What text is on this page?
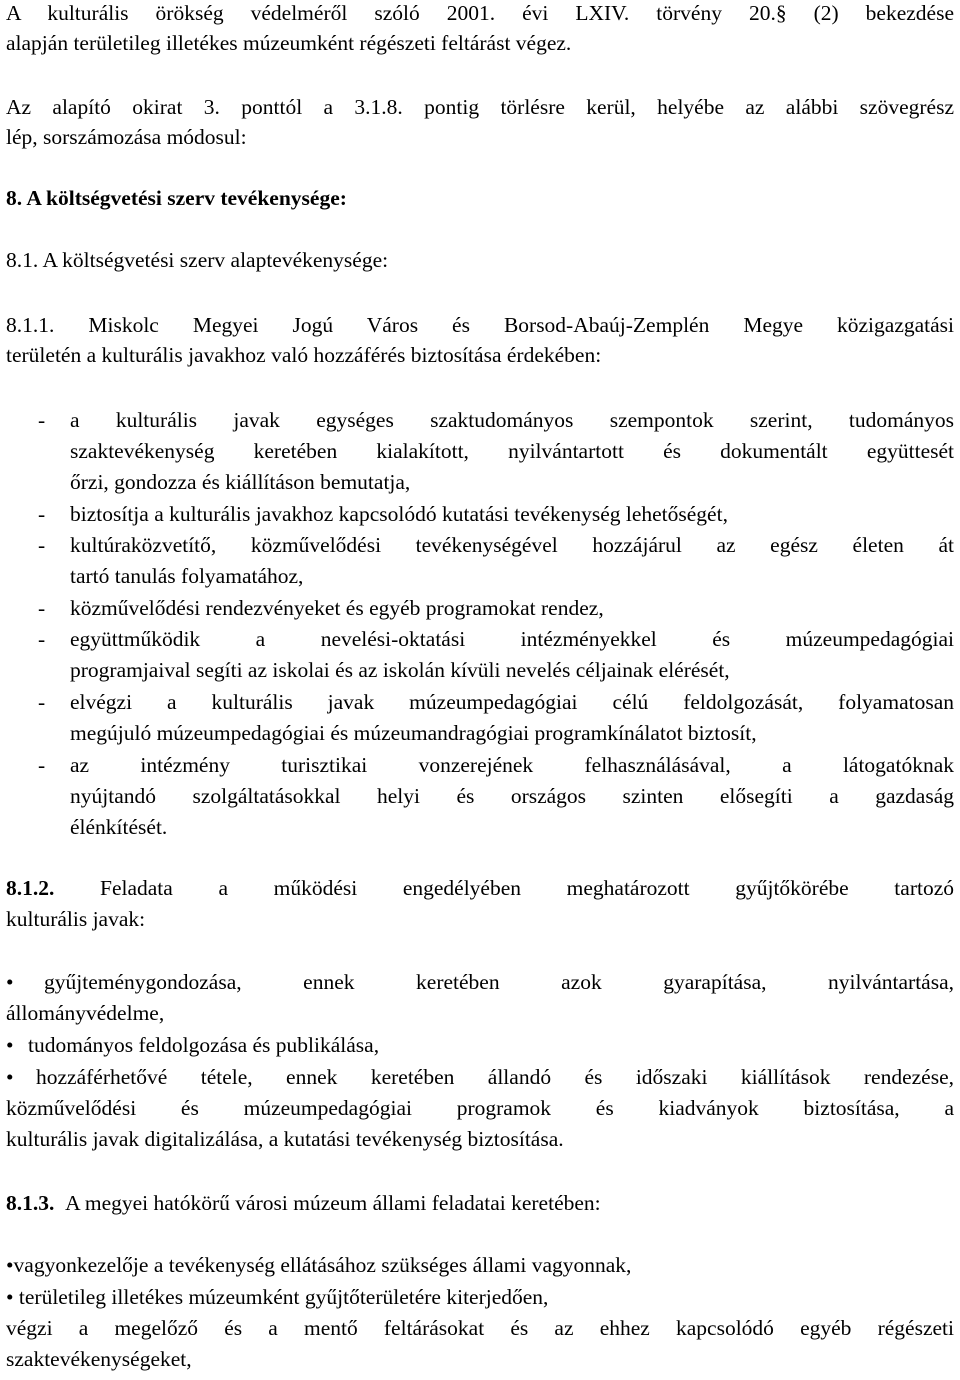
A kulturális örökség védelméről szóló 2001. évi LXIV. törvény 20.§ (2) bekezdése
alapján területileg illetékes múzeumként régészeti feltárást végez.
Az alapító okirat 3. ponttól a 3.1.8. pontig törlésre kerül, helyébe az alábbi szövegrész
lép, sorszámozása módosul:
8. A költségvetési szerv tevékenysége:
8.1. A költségvetési szerv alaptevékenysége:
8.1.1. Miskolc Megyei Jogú Város és Borsod-Abaúj-Zemplén Megye közigazgatási
területén a kulturális javakhoz való hozzáférés biztosítása érdekében:
- a kulturális javak egységes szaktudományos szempontok szerint, tudományos
szaktevékenység keretében kialakított, nyilvántartott és dokumentált együttesét
őrzi, gondozza és kiállításon bemutatja,
- biztosítja a kulturális javakhoz kapcsolódó kutatási tevékenység lehetőségét,
- kultúraközvetítő, közművelődési tevékenységével hozzájárul az egész életen át
tartó tanulás folyamatához,
- közművelődési rendezvényeket és egyéb programokat rendez,
- együttműködik a nevelési-oktatási intézményekkel és múzeumpedagógiai
programjaival segíti az iskolai és az iskolán kívüli nevelés céljainak elérését,
- elvégzi a kulturális javak múzeumpedagógiai célú feldolgozását, folyamatosan
megújuló múzeumpedagógiai és múzeumandragógiai programkínálatot biztosít,
- az intézmény turisztikai vonzerejének felhasználásával, a látogatóknak
nyújtandó szolgáltatásokkal helyi és országos szinten elősegíti a gazdaság
élénkítését.
8.1.2. Feladata a működési engedélyében meghatározott gyűjtőkörébe tartozó
kulturális javak:
• gyűjteménygondozása, ennek keretében azok gyarapítása, nyilvántartása,
állományvédelme,
• tudományos feldolgozása és publikálása,
• hozzáférhetővé tétele, ennek keretében állandó és időszaki kiállítások rendezése,
közművelődési és múzeumpedagógiai programok és kiadványok biztosítása, a
kulturális javak digitalizálása, a kutatási tevékenység biztosítása.
8.1.3. A megyei hatókörű városi múzeum állami feladatai keretében:
•vagyonkezelője a tevékenység ellátásához szükséges állami vagyonnak,
• területileg illetékes múzeumként gyűjtőterületére kiterjedően,
végzi a megelőző és a mentő feltárásokat és az ehhez kapcsolódó egyéb régészeti
szaktevékenységeket,
